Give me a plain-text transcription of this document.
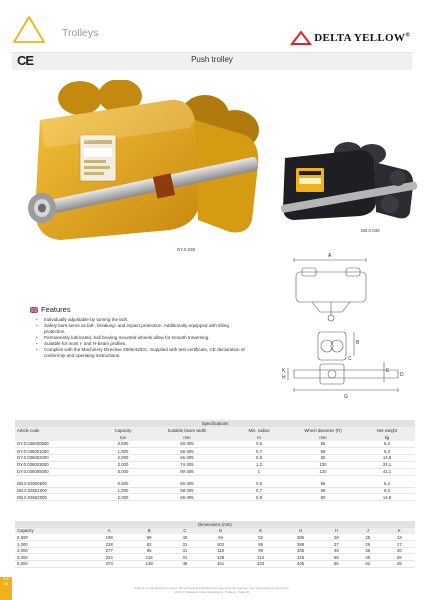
Trolleys	DELTA YELLOW®
CE	Push trolley
DY.0.036
DB.0.036
A
B
C
K
H
E
D
G
Features
• Individually adjustable by turning the bolt.
• Safety bars serve as fall-, breaking- and impact protection. Additionally equipped with tilting protection.
• Permanently lubricated, ball bearing mounted wheels allow for smooth traversing.
• Suitable for most I- and H-beam profiles.
• Complies with the Machinery Directive 2006/42/EC. Supplied with test certificate, CE declaration of conformity and operating instructions.
Specifications					
Article code	Capacity	Suitable beam width	Min. radius	Wheel diameter (R)	Net weight
	ton	mm	m	mm	kg
DY.0.036000500	0,500	50-305	0,5	55	5,4
DY.0.036001000	1,000	58-305	0,7	68	9,3
DY.0.036002000	2,000	66-305	0,9	80	14,8
DY.0.036003000	3,000	74-305	1,2	100	24,1
DY.0.036005000	5,000	90-305	1	120	41,1

DB.0.03600500	0,500	50-305	0,5	55	5,4
DB.0.03601000	1,000	58-305	0,7	68	9,3
DB.0.03602000	2,000	66-305	0,9	80	14,8
Dimensions (mm)									
Capacity	A	B	C	D	E	G	H	J	K
0,500	198	68	40	94	82	385	28	25	13
1,000	238	82	31	102	85	388	37	29	17
2,000	277	95	31	119	99	405	48	36	20
3,000	324	116	31	139	113	425	56	40	28
5,000	373	138	48	161	133	435	65	52	28
E.2
06
Subject to change without notice. All technical specifications are approximate and may vary depending on production.
2021 © Deltaplus Yellow Equipment · Trolleys · Page 36
